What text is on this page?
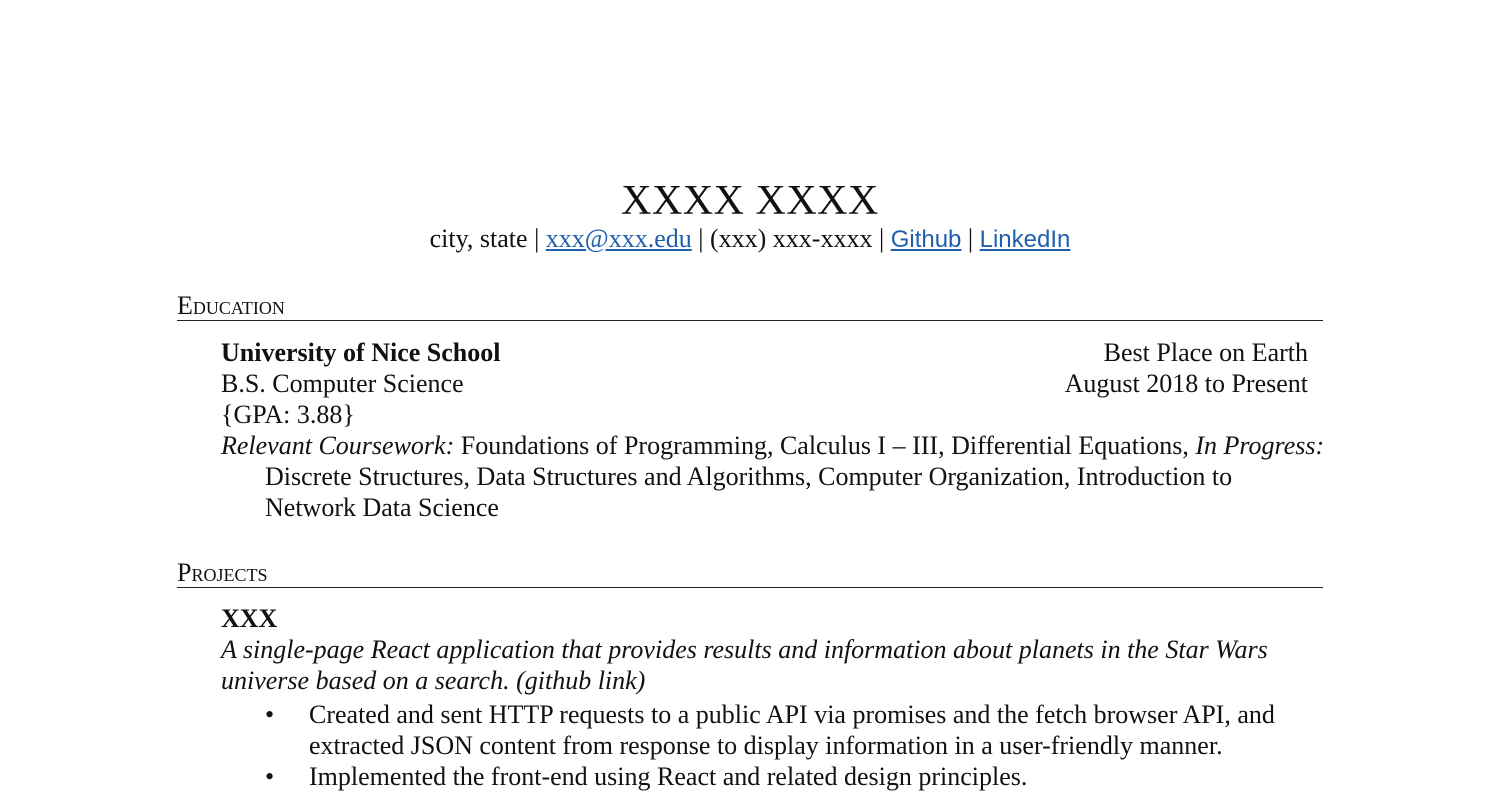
XXXX XXXX
city, state | xxx@xxx.edu | (xxx) xxx-xxxx | Github | LinkedIn
Education
University of Nice School	Best Place on Earth
B.S. Computer Science	August 2018 to Present
{GPA: 3.88}
Relevant Coursework: Foundations of Programming, Calculus I – III, Differential Equations, In Progress: Discrete Structures, Data Structures and Algorithms, Computer Organization, Introduction to Network Data Science
Projects
XXX
A single-page React application that provides results and information about planets in the Star Wars universe based on a search. (github link)
• Created and sent HTTP requests to a public API via promises and the fetch browser API, and extracted JSON content from response to display information in a user-friendly manner.
• Implemented the front-end using React and related design principles.
